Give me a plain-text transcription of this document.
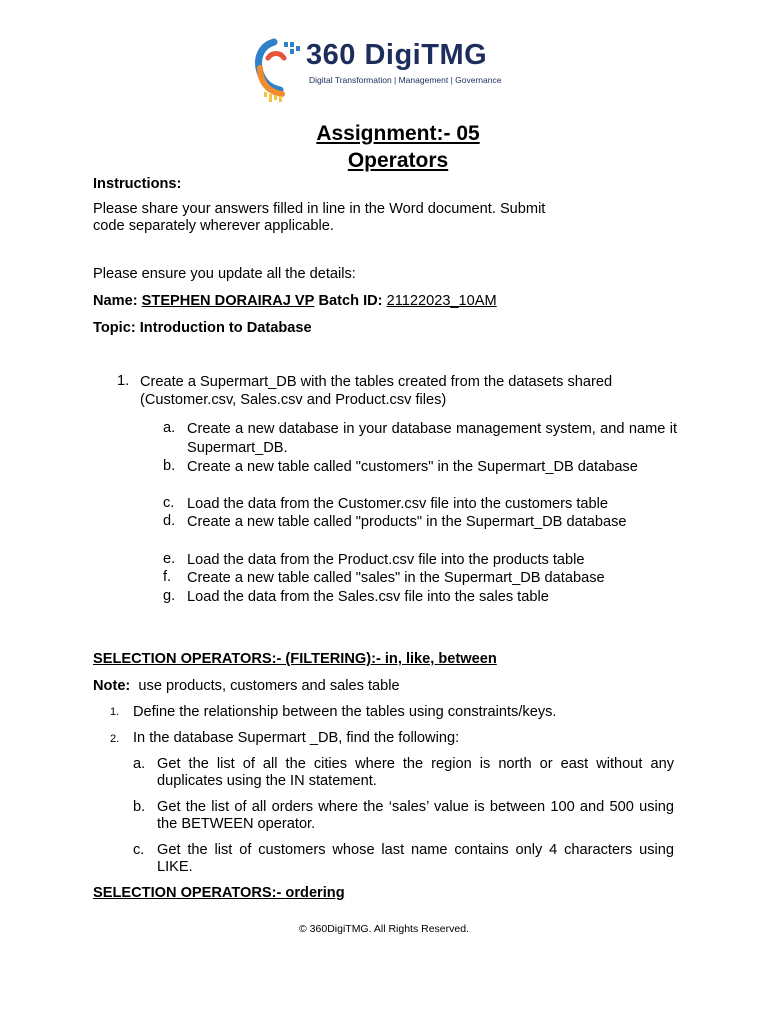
360 DigiTMG
Digital Transformation | Management | Governance
Assignment:- 05
Operators
Instructions:
Please share your answers filled in line in the Word document. Submit
code separately wherever applicable.
Please ensure you update all the details:
Name: STEPHEN DORAIRAJ VP Batch ID: 21122023_10AM
Topic: Introduction to Database
1. Create a Supermart_DB with the tables created from the datasets shared
(Customer.csv, Sales.csv and Product.csv files)
a. Create a new database in your database management system, and name it Supermart_DB.
b. Create a new table called "customers" in the Supermart_DB database
c. Load the data from the Customer.csv file into the customers table
d. Create a new table called "products" in the Supermart_DB database
e. Load the data from the Product.csv file into the products table
f. Create a new table called "sales" in the Supermart_DB database
g. Load the data from the Sales.csv file into the sales table
SELECTION OPERATORS:- (FILTERING):- in, like, between
Note: use products, customers and sales table
1. Define the relationship between the tables using constraints/keys.
2. In the database Supermart _DB, find the following:
a. Get the list of all the cities where the region is north or east without any duplicates using the IN statement.
b. Get the list of all orders where the ‘sales’ value is between 100 and 500 using the BETWEEN operator.
c. Get the list of customers whose last name contains only 4 characters using LIKE.
SELECTION OPERATORS:- ordering
© 360DigiTMG. All Rights Reserved.
